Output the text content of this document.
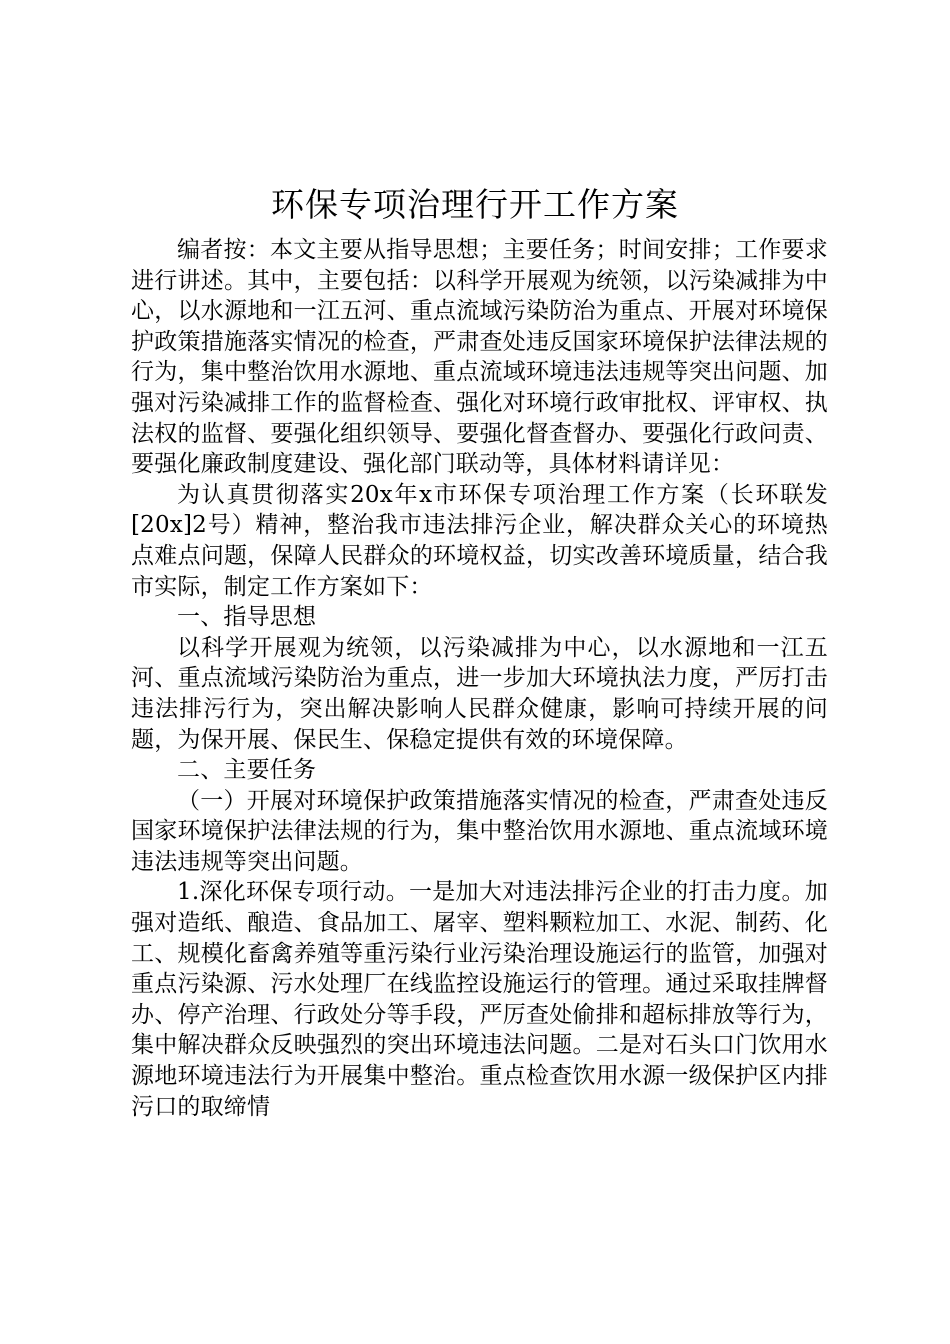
环保专项治理行开工作方案

编者按：本文主要从指导思想；主要任务；时间安排；工作要求进行讲述。其中，主要包括：以科学开展观为统领，以污染减排为中心，以水源地和一江五河、重点流域污染防治为重点、开展对环境保护政策措施落实情况的检查，严肃查处违反国家环境保护法律法规的行为，集中整治饮用水源地、重点流域环境违法违规等突出问题、加强对污染减排工作的监督检查、强化对环境行政审批权、评审权、执法权的监督、要强化组织领导、要强化督查督办、要强化行政问责、要强化廉政制度建设、强化部门联动等，具体材料请详见：

为认真贯彻落实20x年x市环保专项治理工作方案（长环联发[20x]2号）精神，整治我市违法排污企业，解决群众关心的环境热点难点问题，保障人民群众的环境权益，切实改善环境质量，结合我市实际，制定工作方案如下：

一、指导思想

以科学开展观为统领，以污染减排为中心，以水源地和一江五河、重点流域污染防治为重点，进一步加大环境执法力度，严厉打击违法排污行为，突出解决影响人民群众健康，影响可持续开展的问题，为保开展、保民生、保稳定提供有效的环境保障。

二、主要任务

（一）开展对环境保护政策措施落实情况的检查，严肃查处违反国家环境保护法律法规的行为，集中整治饮用水源地、重点流域环境违法违规等突出问题。

1.深化环保专项行动。一是加大对违法排污企业的打击力度。加强对造纸、酿造、食品加工、屠宰、塑料颗粒加工、水泥、制药、化工、规模化畜禽养殖等重污染行业污染治理设施运行的监管，加强对重点污染源、污水处理厂在线监控设施运行的管理。通过采取挂牌督办、停产治理、行政处分等手段，严厉查处偷排和超标排放等行为，集中解决群众反映强烈的突出环境违法问题。二是对石头口门饮用水源地环境违法行为开展集中整治。重点检查饮用水源一级保护区内排污口的取缔情
